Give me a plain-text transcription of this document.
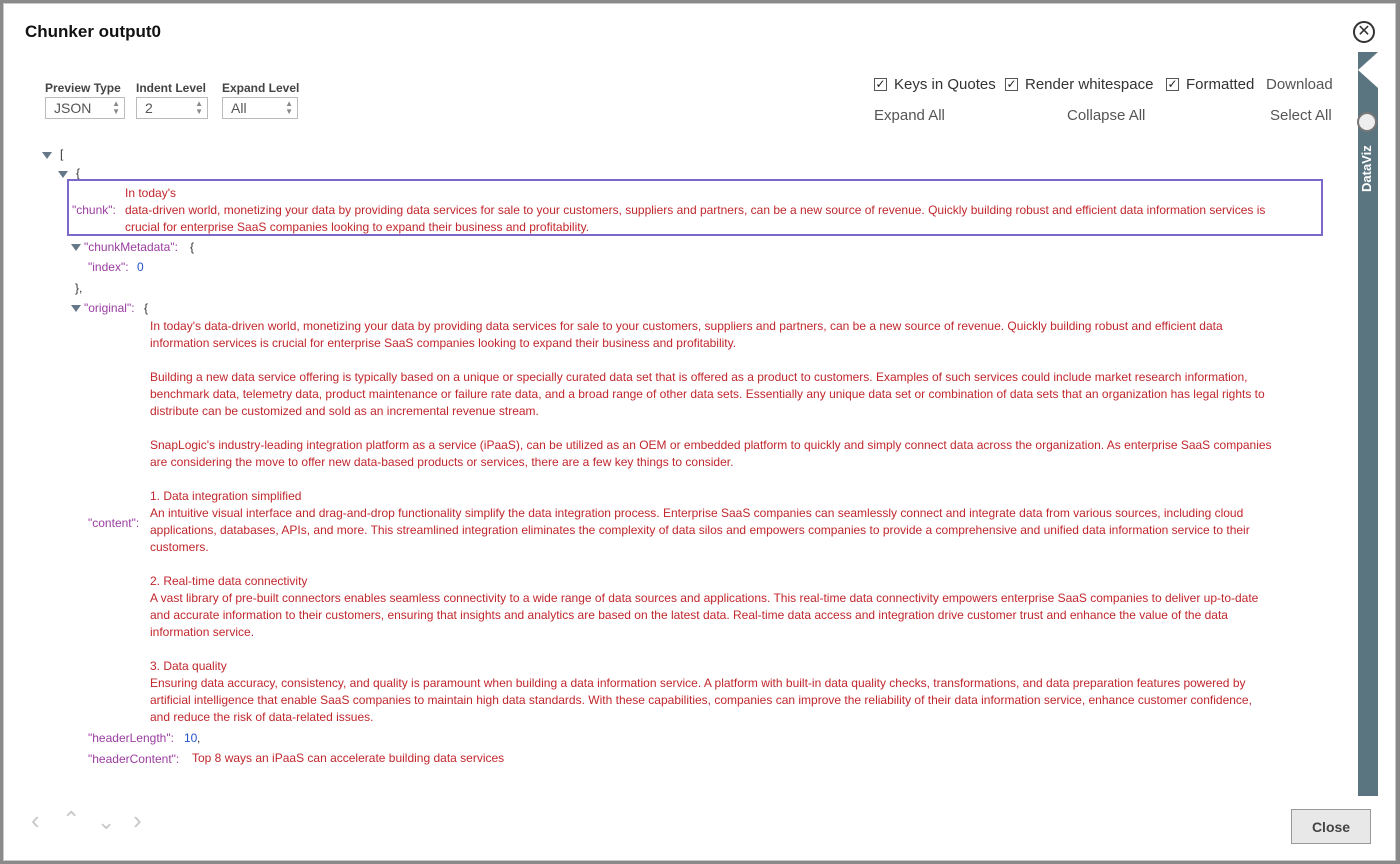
Chunker output0	✕
Preview Type
JSON	▲
▼
Indent Level
2	▲
▼
Expand Level
All	▲
▼
✓ Keys in Quotes ✓ Render whitespace ✓ Formatted Download
Expand All	Collapse All	Select All
DataViz
[
{
"chunk":
In today's
data-driven world, monetizing your data by providing data services for sale to your customers, suppliers and partners, can be a new source of revenue. Quickly building robust and efficient data information services is
crucial for enterprise SaaS companies looking to expand their business and profitability.
"chunkMetadata": {
"index": 0
},
"original": {
"content":
In today's data-driven world, monetizing your data by providing data services for sale to your customers, suppliers and partners, can be a new source of revenue. Quickly building robust and efficient data
information services is crucial for enterprise SaaS companies looking to expand their business and profitability.
Building a new data service offering is typically based on a unique or specially curated data set that is offered as a product to customers. Examples of such services could include market research information,
benchmark data, telemetry data, product maintenance or failure rate data, and a broad range of other data sets. Essentially any unique data set or combination of data sets that an organization has legal rights to
distribute can be customized and sold as an incremental revenue stream.
SnapLogic's industry-leading integration platform as a service (iPaaS), can be utilized as an OEM or embedded platform to quickly and simply connect data across the organization. As enterprise SaaS companies
are considering the move to offer new data-based products or services, there are a few key things to consider.
1. Data integration simplified
An intuitive visual interface and drag-and-drop functionality simplify the data integration process. Enterprise SaaS companies can seamlessly connect and integrate data from various sources, including cloud
applications, databases, APIs, and more. This streamlined integration eliminates the complexity of data silos and empowers companies to provide a comprehensive and unified data information service to their
customers.
2. Real-time data connectivity
A vast library of pre-built connectors enables seamless connectivity to a wide range of data sources and applications. This real-time data connectivity empowers enterprise SaaS companies to deliver up-to-date
and accurate information to their customers, ensuring that insights and analytics are based on the latest data. Real-time data access and integration drive customer trust and enhance the value of the data
information service.
3. Data quality
Ensuring data accuracy, consistency, and quality is paramount when building a data information service. A platform with built-in data quality checks, transformations, and data preparation features powered by
artificial intelligence that enable SaaS companies to maintain high data standards. With these capabilities, companies can improve the reliability of their data information service, enhance customer confidence,
and reduce the risk of data-related issues.
"headerLength": 10 ,
"headerContent": Top 8 ways an iPaaS can accelerate building data services
‹ ⌃ ⌄ ›	Close
